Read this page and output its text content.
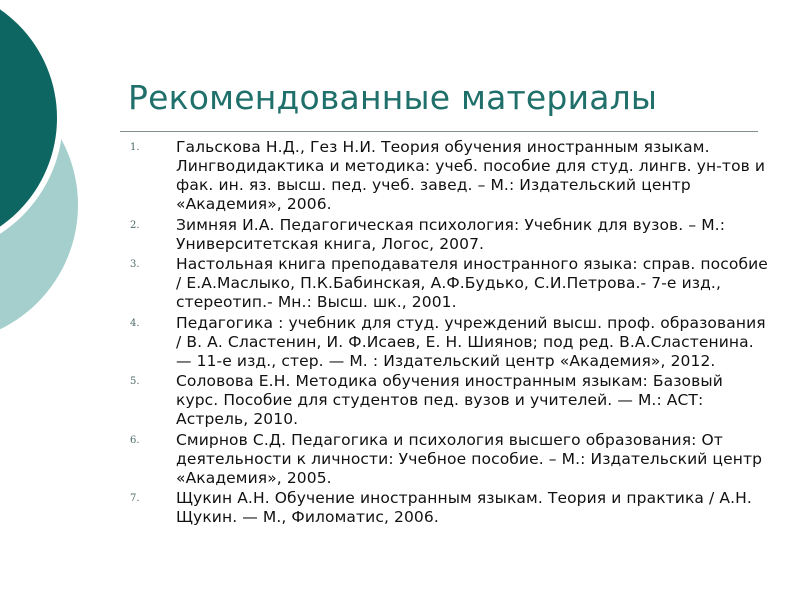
Рекомендованные материалы
1.	Гальскова Н.Д., Гез Н.И. Теория обучения иностранным языкам. Лингводидактика и методика: учеб. пособие для студ. лингв. ун-тов и фак. ин. яз. высш. пед. учеб. завед. – М.: Издательский центр «Академия», 2006.
2.	Зимняя И.А. Педагогическая психология: Учебник для вузов. – М.: Университетская книга, Логос, 2007.
3.	Настольная книга преподавателя иностранного языка: справ. пособие / Е.А.Маслыко, П.К.Бабинская, А.Ф.Будько, С.И.Петрова.- 7-е изд., стереотип.- Мн.: Высш. шк., 2001.
4.	Педагогика : учебник для студ. учреждений высш. проф. образования / В. А. Сластенин, И. Ф.Исаев, Е. Н. Шиянов; под ред. В.А.Сластенина. — 11-е изд., стер. — М. : Издательский центр «Академия», 2012.
5.	Соловова Е.Н. Методика обучения иностранным языкам: Базовый курс. Пособие для студентов пед. вузов и учителей. — М.: АСТ: Астрель, 2010.
6.	Смирнов С.Д. Педагогика и психология высшего образования: От деятельности к личности: Учебное пособие. – М.: Издательский центр «Академия», 2005.
7.	Щукин А.Н. Обучение иностранным языкам. Теория и практика / А.Н. Щукин. — М., Филоматис, 2006.
